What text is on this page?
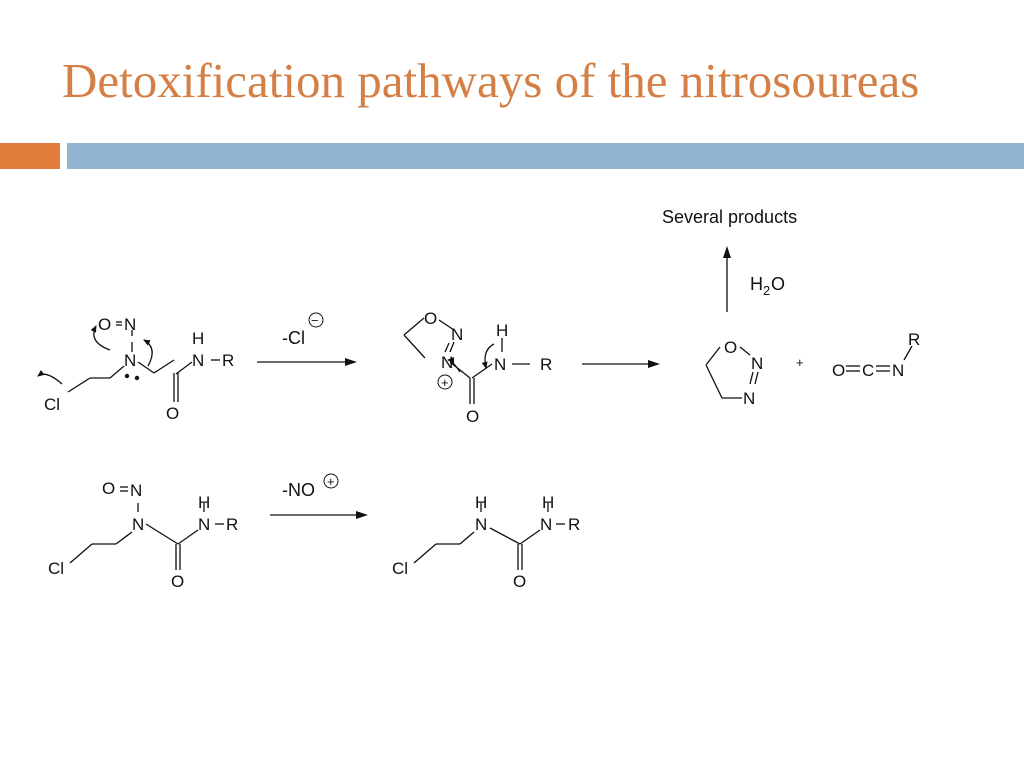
Detoxification pathways of the nitrosoureas
Cl
N
O N
O
H
N R
-Cl
−	O
N
N
+
O
H
N R
Several products
H 2 O
O
N
N
+ O C N
R
Cl
N
O N
O
H
N R
-NO +
Cl
H
N
O
H
N R
